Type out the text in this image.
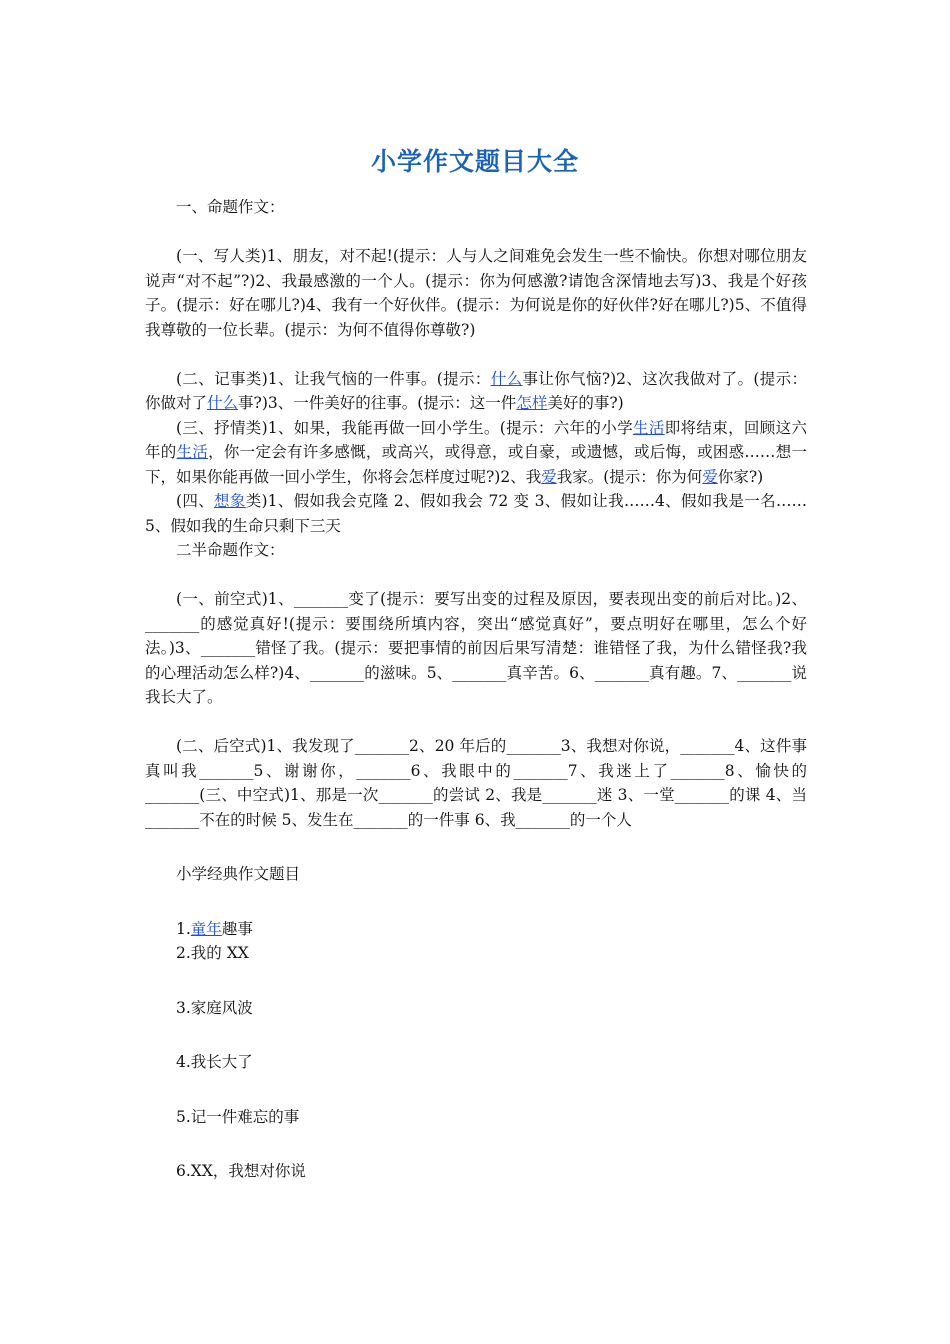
小学作文题目大全

一、命题作文：

(一、写人类)1、朋友，对不起!(提示：人与人之间难免会发生一些不愉快。你想对哪位朋友说声“对不起”?)2、我最感激的一个人。(提示：你为何感激?请饱含深情地去写)3、我是个好孩子。(提示：好在哪儿?)4、我有一个好伙伴。(提示：为何说是你的好伙伴?好在哪儿?)5、不值得我尊敬的一位长辈。(提示：为何不值得你尊敬?)

(二、记事类)1、让我气恼的一件事。(提示：什么事让你气恼?)2、这次我做对了。(提示：你做对了什么事?)3、一件美好的往事。(提示：这一件怎样美好的事?)

(三、抒情类)1、如果，我能再做一回小学生。(提示：六年的小学生活即将结束，回顾这六年的生活，你一定会有许多感慨，或高兴，或得意，或自豪，或遗憾，或后悔，或困惑……想一下，如果你能再做一回小学生，你将会怎样度过呢?)2、我爱我家。(提示：你为何爱你家?)

(四、想象类)1、假如我会克隆 2、假如我会 72 变 3、假如让我……4、假如我是一名……5、假如我的生命只剩下三天

二半命题作文：

(一、前空式)1、_______变了(提示：要写出变的过程及原因，要表现出变的前后对比。)2、_______的感觉真好!(提示：要围绕所填内容，突出“感觉真好”，要点明好在哪里，怎么个好法。)3、_______错怪了我。(提示：要把事情的前因后果写清楚：谁错怪了我，为什么错怪我?我的心理活动怎么样?)4、_______的滋味。5、_______真辛苦。6、_______真有趣。7、_______说我长大了。

(二、后空式)1、我发现了_______2、20 年后的_______3、我想对你说，_______4、这件事真叫我_______5、谢谢你，_______6、我眼中的_______7、我迷上了_______8、愉快的_______(三、中空式)1、那是一次_______的尝试 2、我是_______迷 3、一堂_______的课 4、当_______不在的时候 5、发生在_______的一件事 6、我_______的一个人

小学经典作文题目

1.童年趣事

2.我的 XX

3.家庭风波

4.我长大了

5.记一件难忘的事

6.XX，我想对你说
